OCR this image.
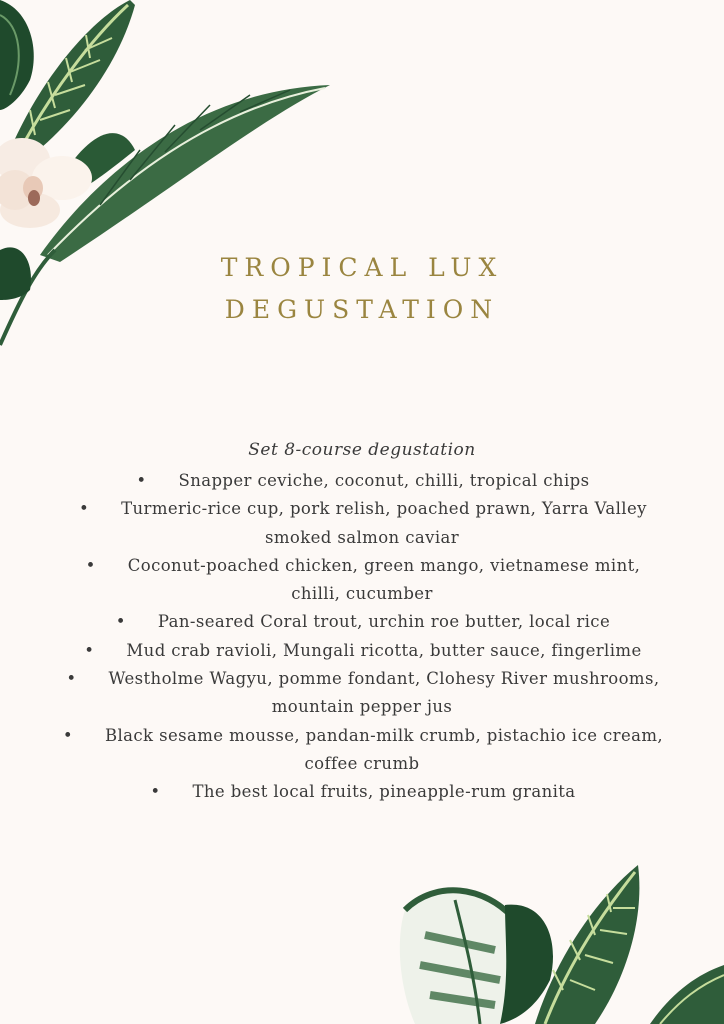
TROPICAL LUX
DEGUSTATION
Set 8-course degustation
• Snapper ceviche, coconut, chilli, tropical chips
• Turmeric-rice cup, pork relish, poached prawn, Yarra Valley
smoked salmon caviar
• Coconut-poached chicken, green mango, vietnamese mint,
chilli, cucumber
• Pan-seared Coral trout, urchin roe butter, local rice
• Mud crab ravioli, Mungali ricotta, butter sauce, fingerlime
• Westholme Wagyu, pomme fondant, Clohesy River mushrooms,
mountain pepper jus
• Black sesame mousse, pandan-milk crumb, pistachio ice cream,
coffee crumb
• The best local fruits, pineapple-rum granita
